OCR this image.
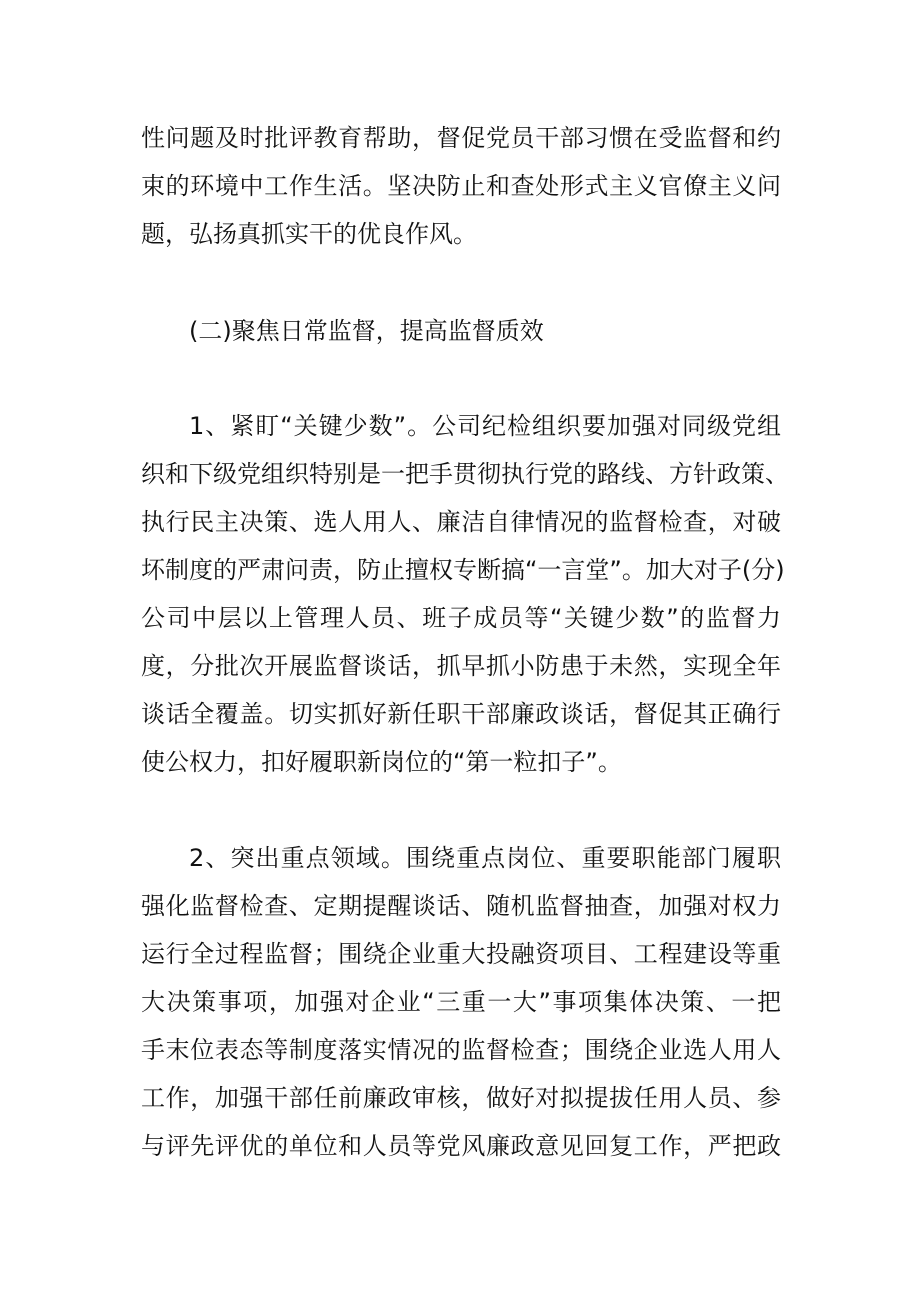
性问题及时批评教育帮助，督促党员干部习惯在受监督和约
束的环境中工作生活。坚决防止和查处形式主义官僚主义问
题，弘扬真抓实干的优良作风。
(二)聚焦日常监督，提高监督质效
1、紧盯“关键少数”。公司纪检组织要加强对同级党组
织和下级党组织特别是一把手贯彻执行党的路线、方针政策、
执行民主决策、选人用人、廉洁自律情况的监督检查，对破
坏制度的严肃问责，防止擅权专断搞“一言堂”。加大对子(分)
公司中层以上管理人员、班子成员等“关键少数”的监督力
度，分批次开展监督谈话，抓早抓小防患于未然，实现全年
谈话全覆盖。切实抓好新任职干部廉政谈话，督促其正确行
使公权力，扣好履职新岗位的“第一粒扣子”。
2、突出重点领域。围绕重点岗位、重要职能部门履职
强化监督检查、定期提醒谈话、随机监督抽查，加强对权力
运行全过程监督；围绕企业重大投融资项目、工程建设等重
大决策事项，加强对企业“三重一大”事项集体决策、一把
手末位表态等制度落实情况的监督检查；围绕企业选人用人
工作，加强干部任前廉政审核，做好对拟提拔任用人员、参
与评先评优的单位和人员等党风廉政意见回复工作，严把政
